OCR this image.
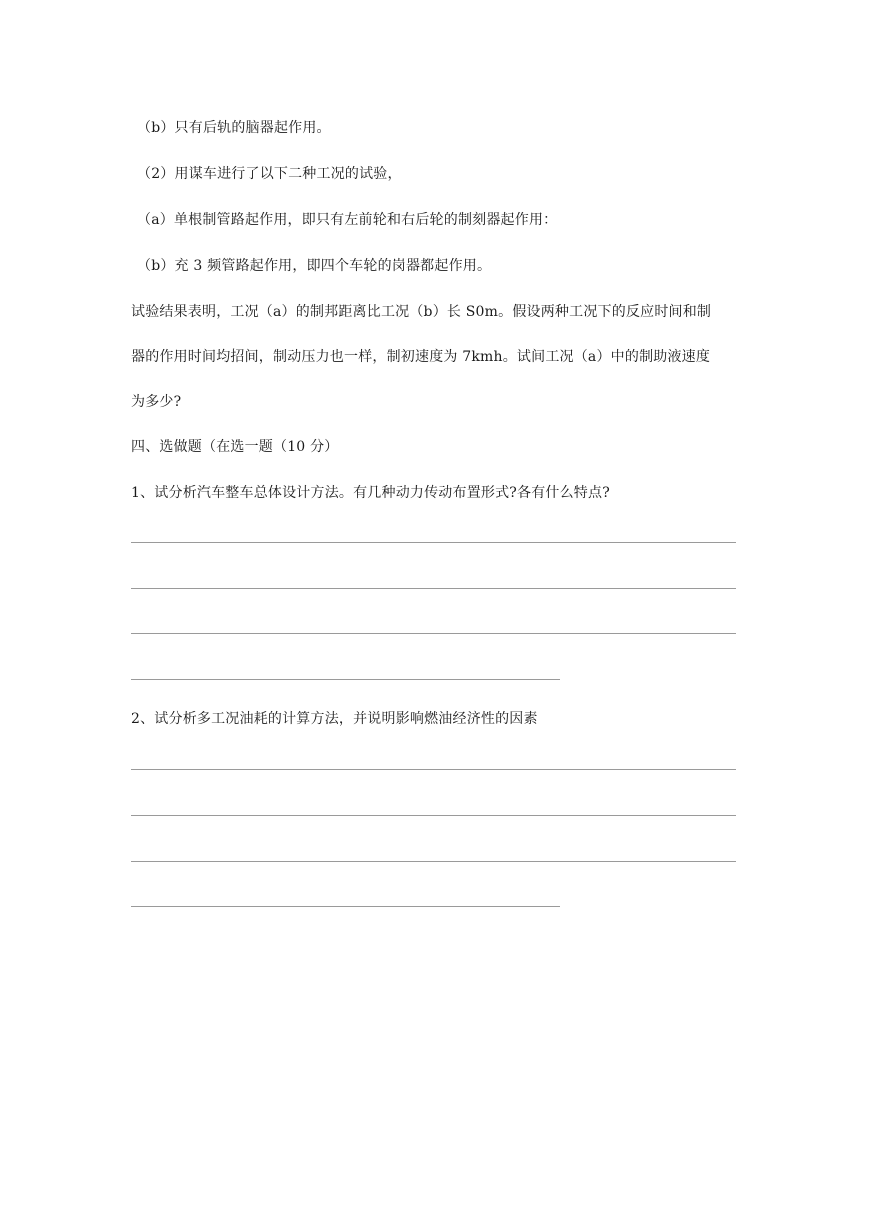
（b）只有后轨的脑器起作用。
（2）用谋车进行了以下二种工况的试验，
（a）单根制管路起作用，即只有左前轮和右后轮的制刻器起作用：
（b）充 3 频管路起作用，即四个车轮的岗器都起作用。
试验结果表明，工况（a）的制邦距离比工况（b）长 S0m。假设两种工况下的反应时间和制
器的作用时间均招间，制动压力也一样，制初速度为 7kmh。试间工况（a）中的制助液速度
为多少?
四、选做题（在选一题（10 分）
1、试分析汽车整车总体设计方法。有几种动力传动布置形式?各有什么特点?
2、试分析多工况油耗的计算方法，并说明影响燃油经济性的因素
